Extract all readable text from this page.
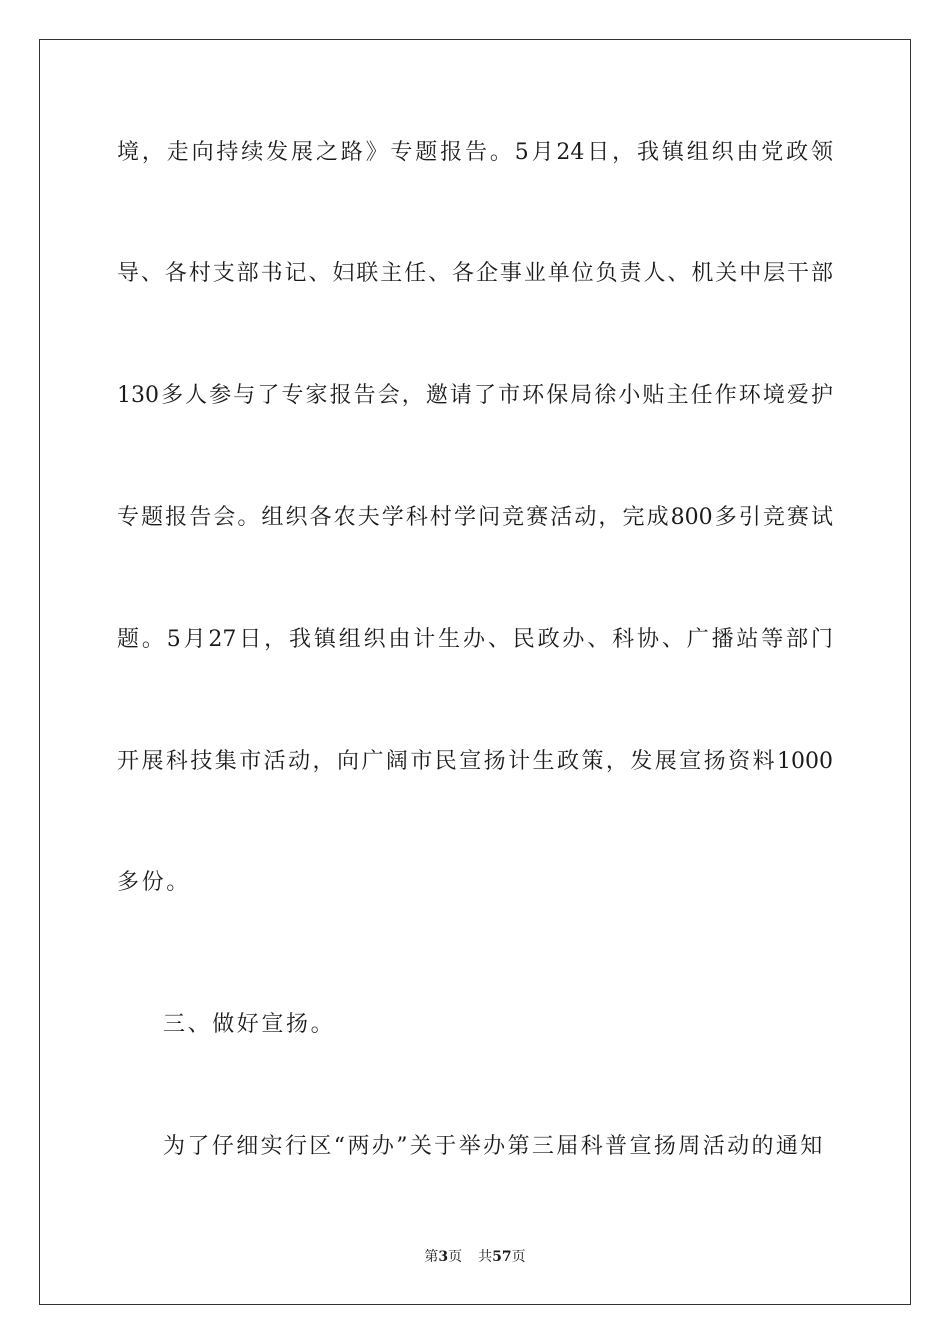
境，走向持续发展之路》专题报告。5月24日，我镇组织由党政领
导、各村支部书记、妇联主任、各企事业单位负责人、机关中层干部
130多人参与了专家报告会，邀请了市环保局徐小贴主任作环境爱护
专题报告会。组织各农夫学科村学问竞赛活动，完成800多引竞赛试
题。5月27日，我镇组织由计生办、民政办、科协、广播站等部门
开展科技集市活动，向广阔市民宣扬计生政策，发展宣扬资料1000
多份。
三、做好宣扬。
为了仔细实行区“两办”关于举办第三届科普宣扬周活动的通知
第3页 共57页
